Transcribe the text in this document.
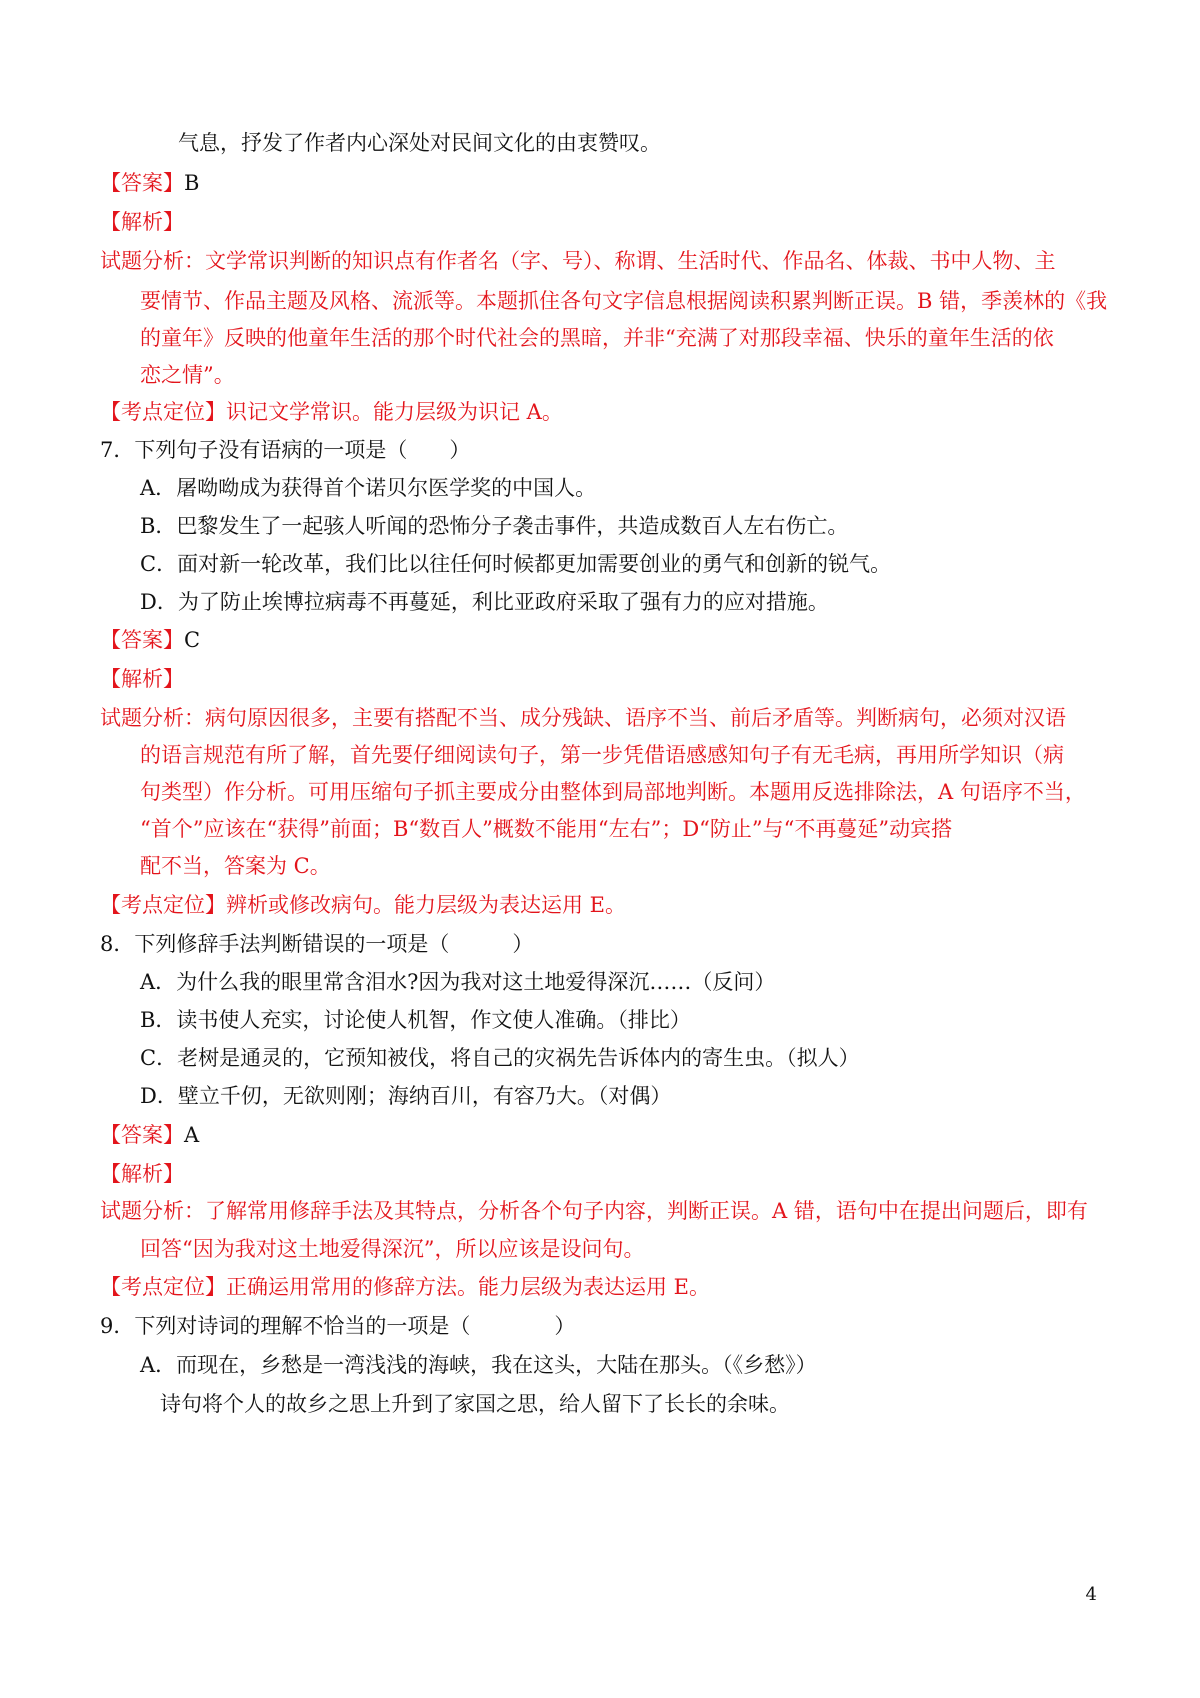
气息，抒发了作者内心深处对民间文化的由衷赞叹。
【答案】B
【解析】
试题分析：文学常识判断的知识点有作者名（字、号）、称谓、生活时代、作品名、体裁、书中人物、主
要情节、作品主题及风格、流派等。本题抓住各句文字信息根据阅读积累判断正误。B 错，季羡林的《我
的童年》反映的他童年生活的那个时代社会的黑暗，并非“充满了对那段幸福、快乐的童年生活的依
恋之情”。
【考点定位】识记文学常识。能力层级为识记 A。
7．下列句子没有语病的一项是（　　）
A．屠呦呦成为获得首个诺贝尔医学奖的中国人。
B．巴黎发生了一起骇人听闻的恐怖分子袭击事件，共造成数百人左右伤亡。
C．面对新一轮改革，我们比以往任何时候都更加需要创业的勇气和创新的锐气。
D．为了防止埃博拉病毒不再蔓延，利比亚政府采取了强有力的应对措施。
【答案】C
【解析】
试题分析：病句原因很多，主要有搭配不当、成分残缺、语序不当、前后矛盾等。判断病句，必须对汉语
的语言规范有所了解，首先要仔细阅读句子，第一步凭借语感感知句子有无毛病，再用所学知识（病
句类型）作分析。可用压缩句子抓主要成分由整体到局部地判断。本题用反选排除法，A 句语序不当，
“首个”应该在“获得”前面；B“数百人”概数不能用“左右”；D“防止”与“不再蔓延”动宾搭
配不当，答案为 C。
【考点定位】辨析或修改病句。能力层级为表达运用 E。
8．下列修辞手法判断错误的一项是（　　　）
A．为什么我的眼里常含泪水?因为我对这土地爱得深沉……（反问）
B．读书使人充实，讨论使人机智，作文使人准确。（排比）
C．老树是通灵的，它预知被伐，将自己的灾祸先告诉体内的寄生虫。（拟人）
D．壁立千仞，无欲则刚；海纳百川，有容乃大。（对偶）
【答案】A
【解析】
试题分析：了解常用修辞手法及其特点，分析各个句子内容，判断正误。A 错，语句中在提出问题后，即有
回答“因为我对这土地爱得深沉”，所以应该是设问句。
【考点定位】正确运用常用的修辞方法。能力层级为表达运用 E。
9．下列对诗词的理解不恰当的一项是（　　　　）
A．而现在，乡愁是一湾浅浅的海峡，我在这头，大陆在那头。（《乡愁》）
诗句将个人的故乡之思上升到了家国之思，给人留下了长长的余味。
4
